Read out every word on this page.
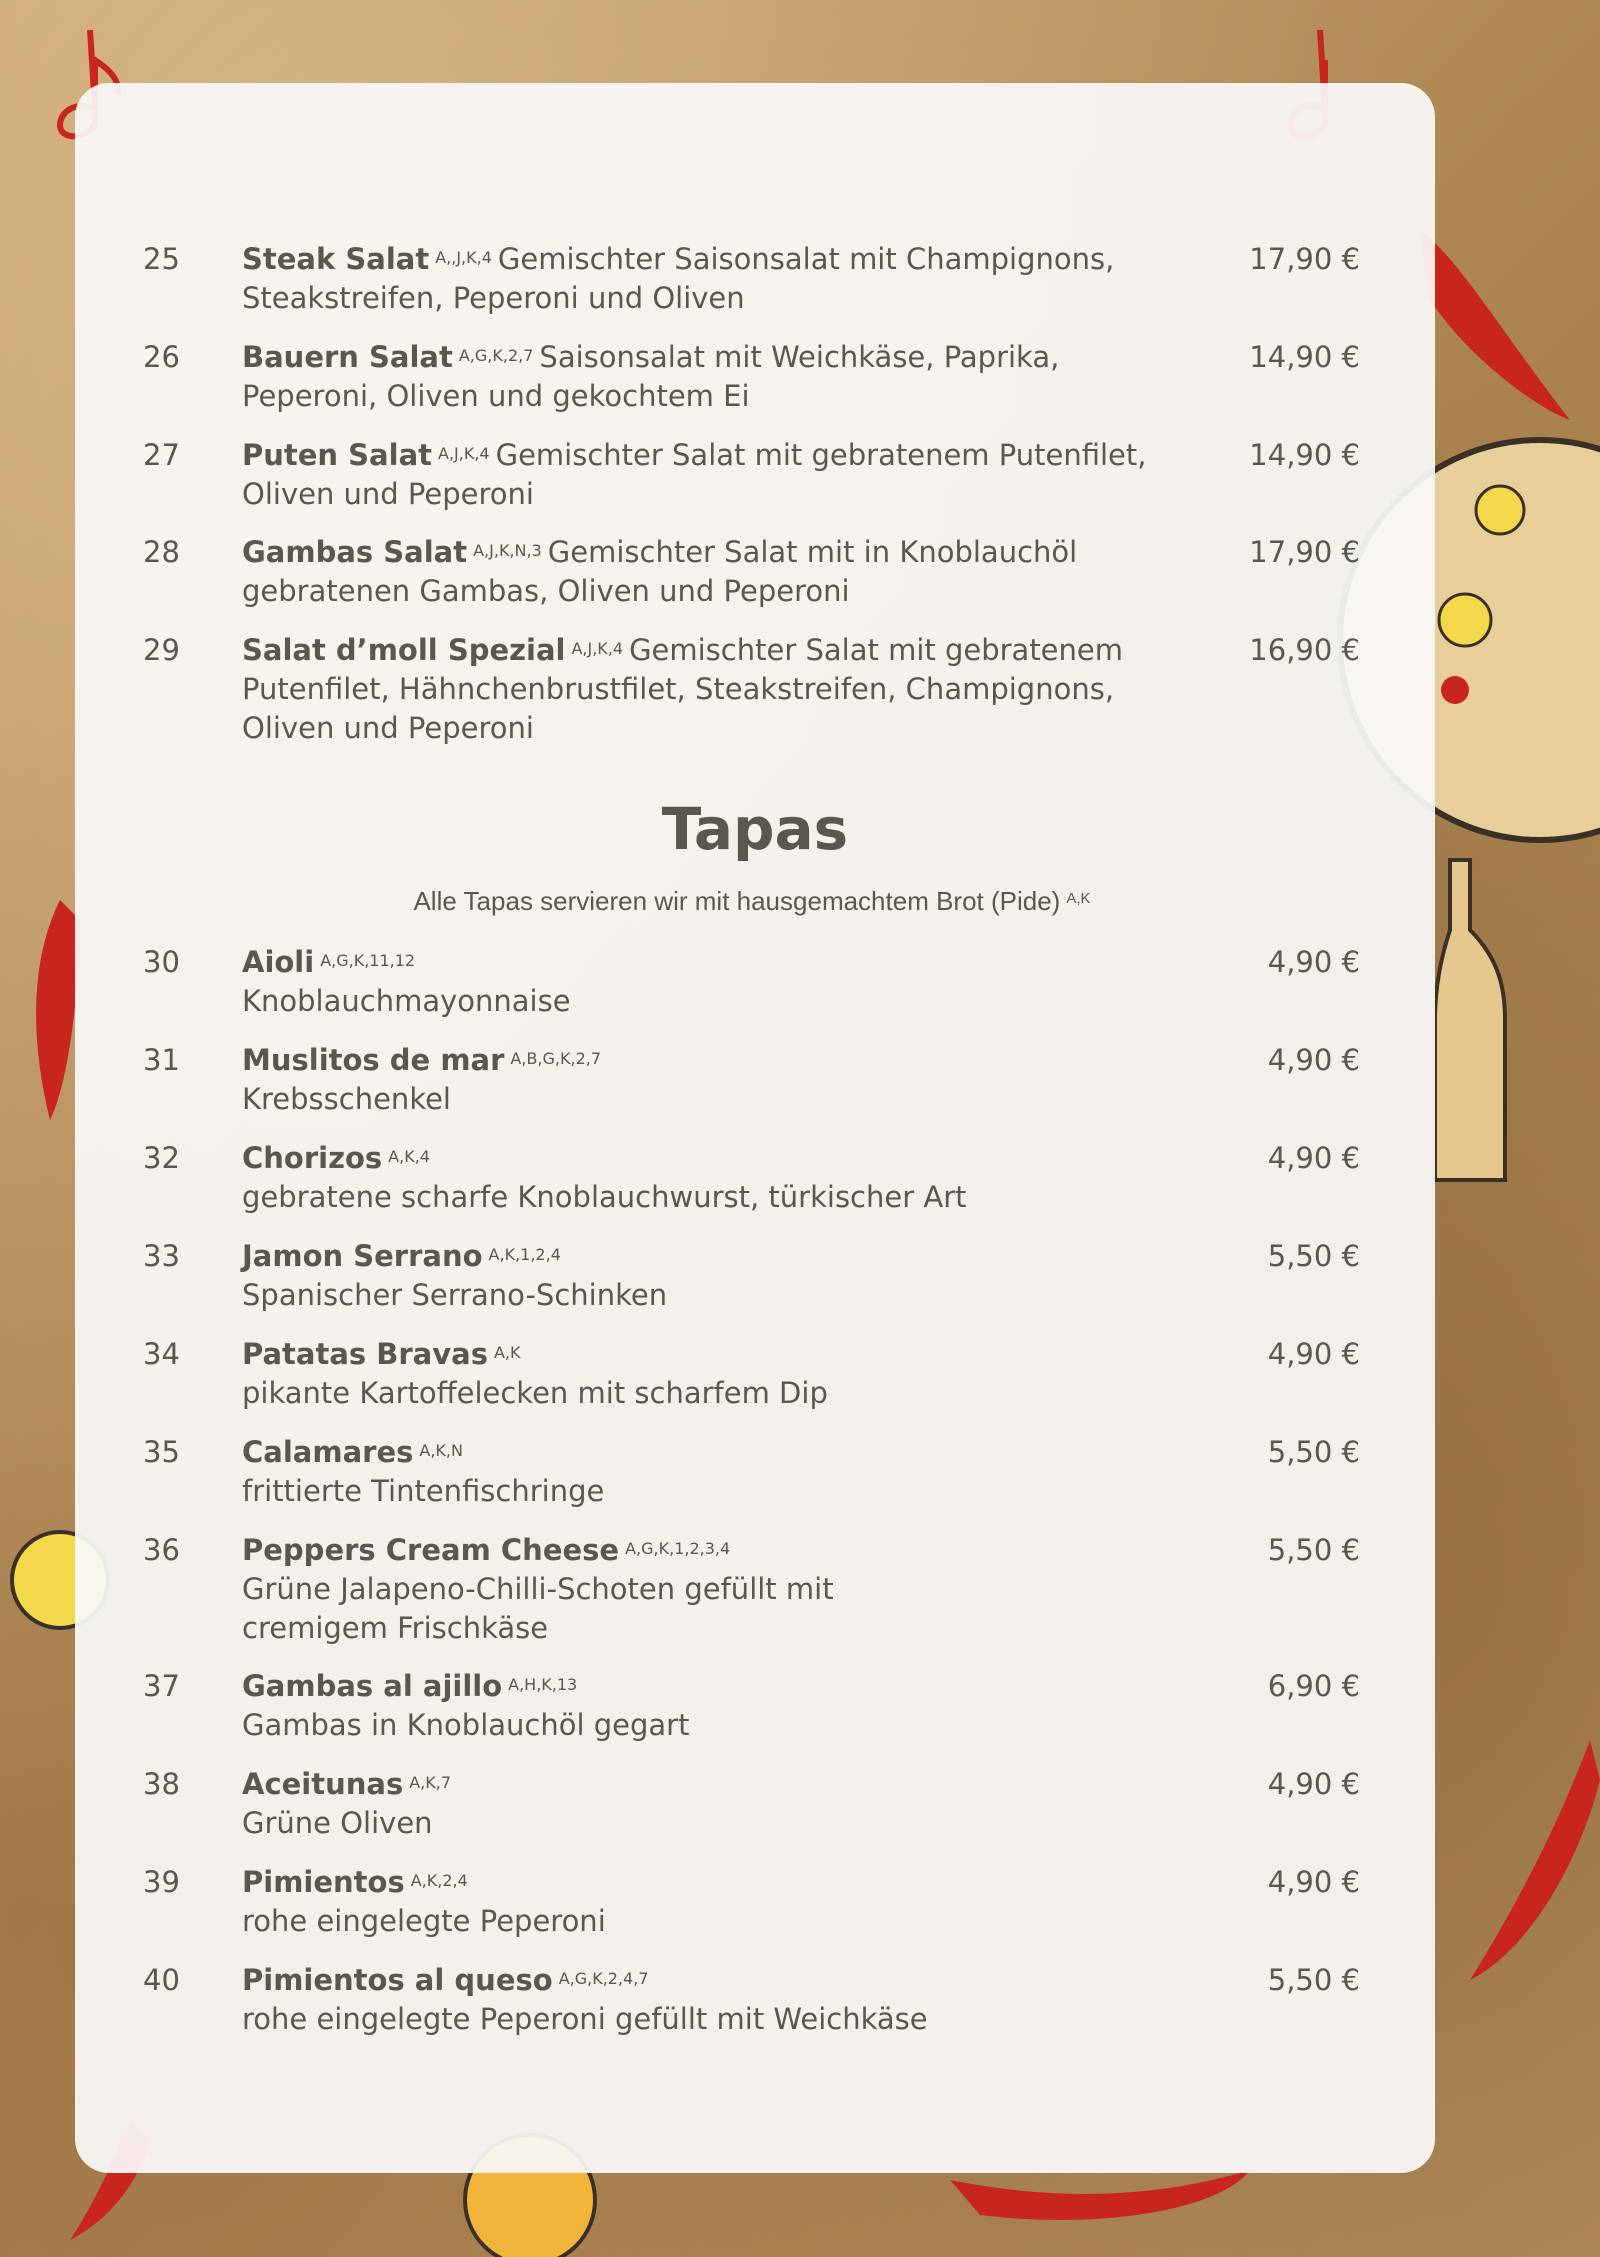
25 Steak Salat $^{A,,J,K,4}$ Gemischter Saisonsalat mit Champignons, Steakstreifen, Peperoni und Oliven
17,90 €
26 Bauern Salat $^{A,G,K,2,7}$ Saisonsalat mit Weichkäse, Paprika, Peperoni, Oliven und gekochtem Ei
14,90 €
27 Puten Salat $^{A,J,K,4}$ Gemischter Salat mit gebratenem Putenfilet, Oliven und Peperoni
14,90 €
28 Gambas Salat $^{A,J,K,N,3}$ Gemischter Salat mit in Knoblauchöl gebratenen Gambas, Oliven und Peperoni
17,90 €
29 Salat d’moll Spezial $^{A,J,K,4}$ Gemischter Salat mit gebratenem Putenfilet, Hähnchenbrustfilet, Steakstreifen, Champignons, Oliven und Peperoni
16,90 €
Tapas
Alle Tapas servieren wir mit hausgemachtem Brot (Pide) $^{A,K}$
30 Aioli $^{A,G,K,11,12}$
Knoblauchmayonnaise
4,90 €
31 Muslitos de mar $^{A,B,G,K,2,7}$
Krebsschenkel
4,90 €
32 Chorizos $^{A,K,4}$
gebratene scharfe Knoblauchwurst, türkischer Art
4,90 €
33 Jamon Serrano $^{A,K,1,2,4}$
Spanischer Serrano-Schinken
5,50 €
34 Patatas Bravas $^{A,K}$
pikante Kartoffelecken mit scharfem Dip
4,90 €
35 Calamares $^{A,K,N}$
frittierte Tintenfischringe
5,50 €
36 Peppers Cream Cheese $^{A,G,K,1,2,3,4}$
Grüne Jalapeno-Chilli-Schoten gefüllt mit cremigem Frischkäse
5,50 €
37 Gambas al ajillo $^{A,H,K,13}$
Gambas in Knoblauchöl gegart
6,90 €
38 Aceitunas $^{A,K,7}$
Grüne Oliven
4,90 €
39 Pimientos $^{A,K,2,4}$
rohe eingelegte Peperoni
4,90 €
40 Pimientos al queso $^{A,G,K,2,4,7}$
rohe eingelegte Peperoni gefüllt mit Weichkäse
5,50 €
